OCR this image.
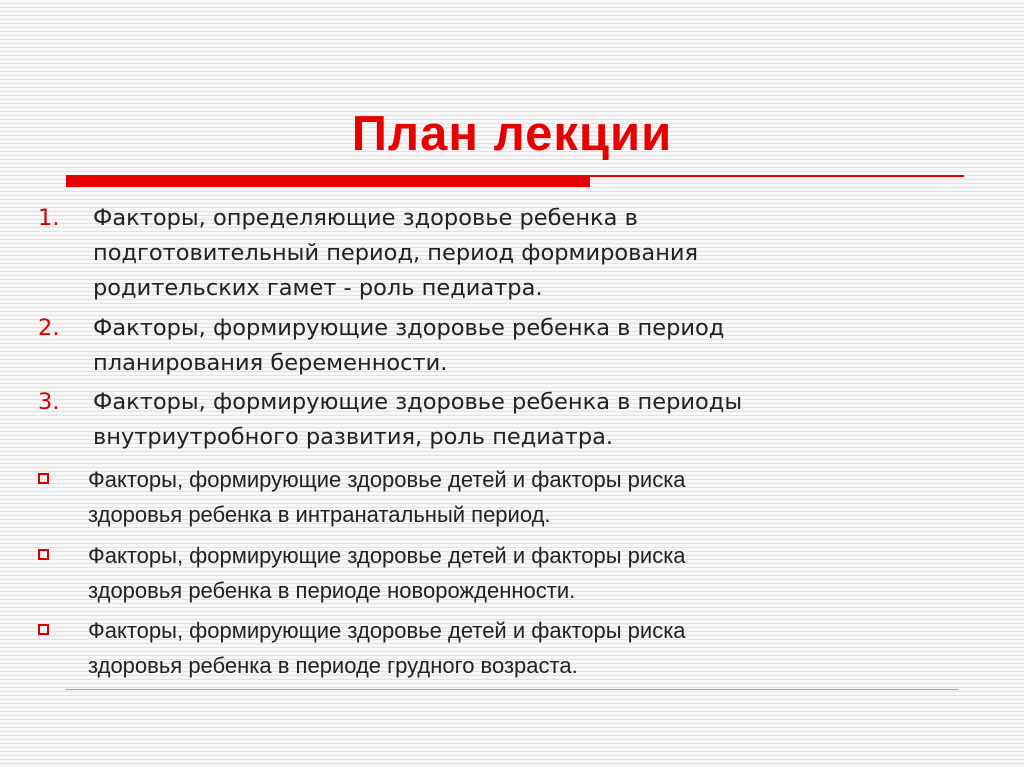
План лекции
1.	Факторы, определяющие здоровье ребенка в
подготовительный период, период формирования
родительских гамет - роль педиатра.
2.	Факторы, формирующие здоровье ребенка в период
планирования беременности.
3.	Факторы, формирующие здоровье ребенка в периоды
внутриутробного развития, роль педиатра.
Факторы, формирующие здоровье детей и факторы риска
здоровья ребенка в интранатальный период.
Факторы, формирующие здоровье детей и факторы риска
здоровья ребенка в периоде новорожденности.
Факторы, формирующие здоровье детей и факторы риска
здоровья ребенка в периоде грудного возраста.
